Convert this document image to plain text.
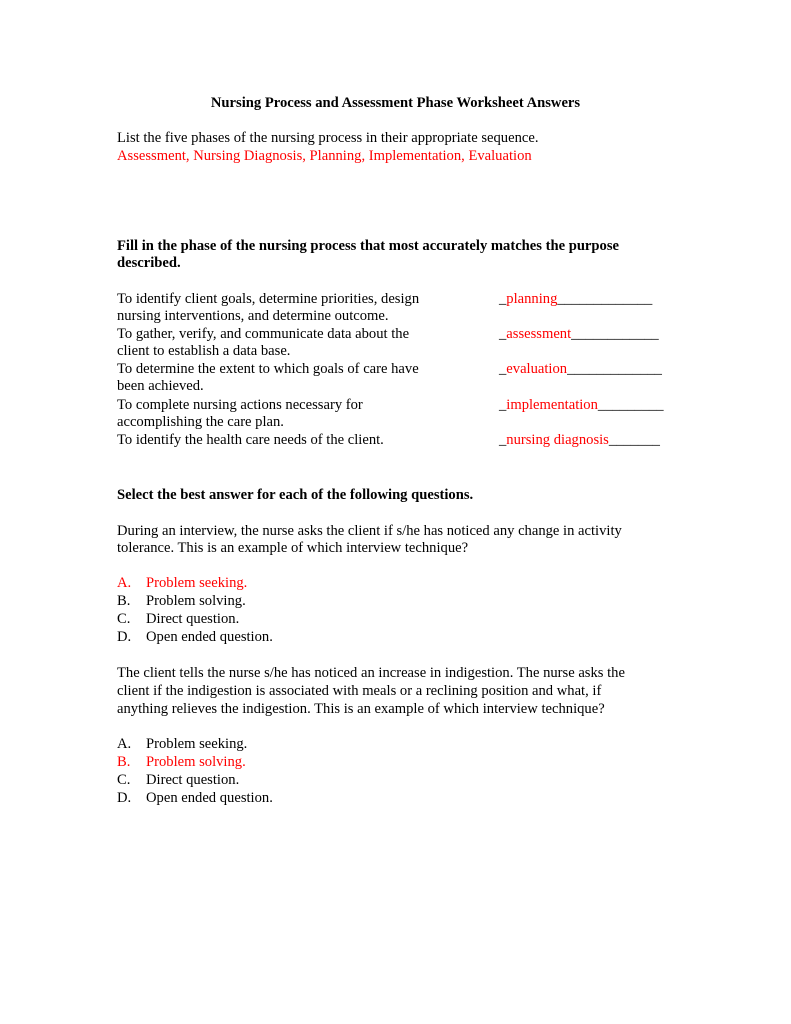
Nursing Process and Assessment Phase Worksheet Answers
List the five phases of the nursing process in their appropriate sequence.
Assessment, Nursing Diagnosis, Planning, Implementation, Evaluation
Fill in the phase of the nursing process that most accurately matches the purpose
described.
To identify client goals, determine priorities, design
nursing interventions, and determine outcome.
_planning_____________
To gather, verify, and communicate data about the
client to establish a data base.
_assessment____________
To determine the extent to which goals of care have
been achieved.
_evaluation_____________
To complete nursing actions necessary for
accomplishing the care plan.
_implementation_________
To identify the health care needs of the client.	_nursing diagnosis_______
Select the best answer for each of the following questions.
During an interview, the nurse asks the client if s/he has noticed any change in activity
tolerance. This is an example of which interview technique?
A. Problem seeking.
B. Problem solving.
C. Direct question.
D. Open ended question.
The client tells the nurse s/he has noticed an increase in indigestion. The nurse asks the
client if the indigestion is associated with meals or a reclining position and what, if
anything relieves the indigestion. This is an example of which interview technique?
A. Problem seeking.
B. Problem solving.
C. Direct question.
D. Open ended question.
